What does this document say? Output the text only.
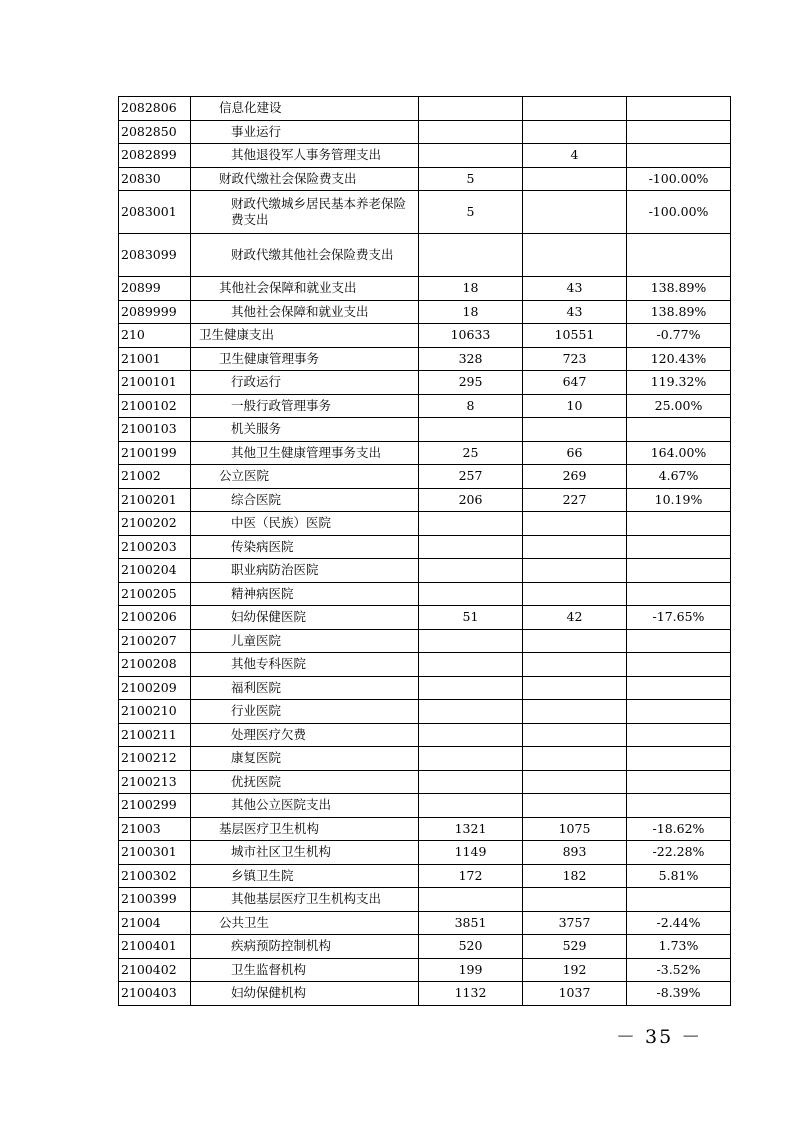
2082806	信息化建设			
2082850	事业运行			
2082899	其他退役军人事务管理支出		4	
20830	财政代缴社会保险费支出	5		-100.00%
2083001	财政代缴城乡居民基本养老保险费支出	5		-100.00%
2083099	财政代缴其他社会保险费支出			
20899	其他社会保障和就业支出	18	43	138.89%
2089999	其他社会保障和就业支出	18	43	138.89%
210	卫生健康支出	10633	10551	-0.77%
21001	卫生健康管理事务	328	723	120.43%
2100101	行政运行	295	647	119.32%
2100102	一般行政管理事务	8	10	25.00%
2100103	机关服务			
2100199	其他卫生健康管理事务支出	25	66	164.00%
21002	公立医院	257	269	4.67%
2100201	综合医院	206	227	10.19%
2100202	中医（民族）医院			
2100203	传染病医院			
2100204	职业病防治医院			
2100205	精神病医院			
2100206	妇幼保健医院	51	42	-17.65%
2100207	儿童医院			
2100208	其他专科医院			
2100209	福利医院			
2100210	行业医院			
2100211	处理医疗欠费			
2100212	康复医院			
2100213	优抚医院			
2100299	其他公立医院支出			
21003	基层医疗卫生机构	1321	1075	-18.62%
2100301	城市社区卫生机构	1149	893	-22.28%
2100302	乡镇卫生院	172	182	5.81%
2100399	其他基层医疗卫生机构支出			
21004	公共卫生	3851	3757	-2.44%
2100401	疾病预防控制机构	520	529	1.73%
2100402	卫生监督机构	199	192	-3.52%
2100403	妇幼保健机构	1132	1037	-8.39%
－ 35 －
